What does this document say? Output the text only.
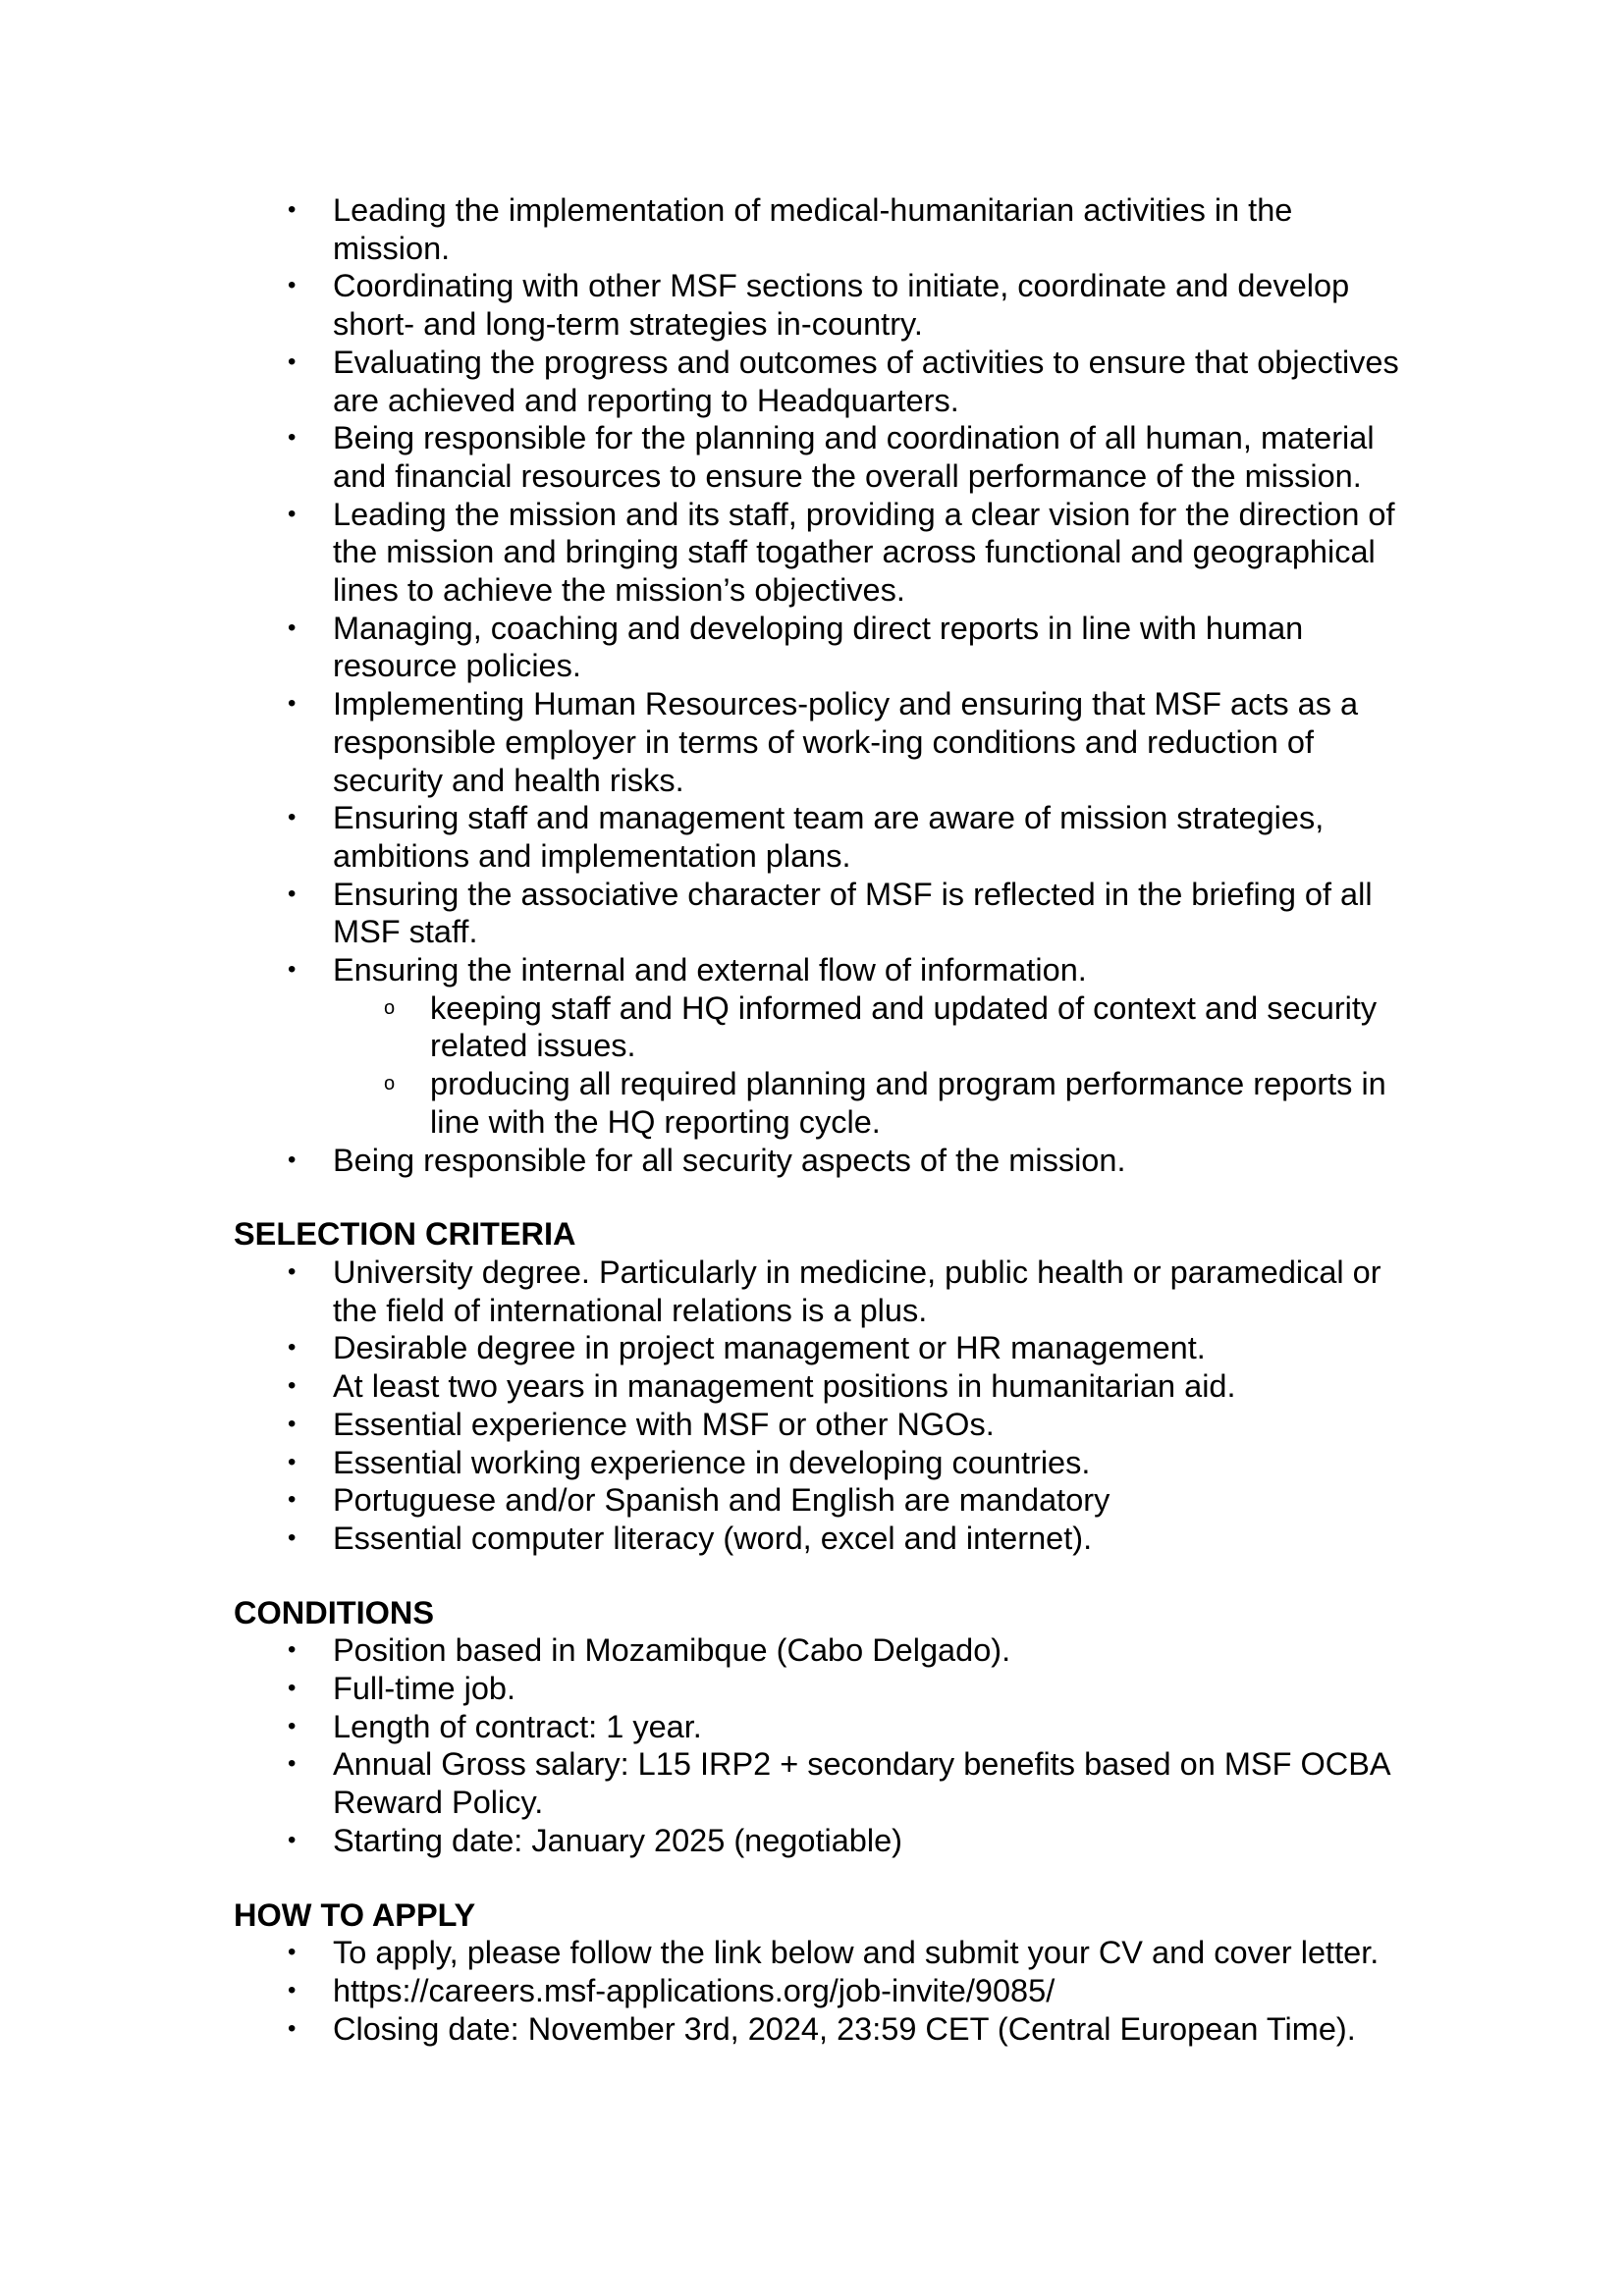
• Leading the implementation of medical-humanitarian activities in the mission.
• Coordinating with other MSF sections to initiate, coordinate and develop short- and long-term strategies in-country.
• Evaluating the progress and outcomes of activities to ensure that objectives are achieved and reporting to Headquarters.
• Being responsible for the planning and coordination of all human, material and financial resources to ensure the overall performance of the mission.
• Leading the mission and its staff, providing a clear vision for the direction of the mission and bringing staff togather across functional and geographical lines to achieve the mission’s objectives.
• Managing, coaching and developing direct reports in line with human resource policies.
• Implementing Human Resources-policy and ensuring that MSF acts as a responsible employer in terms of work-ing conditions and reduction of security and health risks.
• Ensuring staff and management team are aware of mission strategies, ambitions and implementation plans.
• Ensuring the associative character of MSF is reflected in the briefing of all MSF staff.
• Ensuring the internal and external flow of information.
o keeping staff and HQ informed and updated of context and security related issues.
o producing all required planning and program performance reports in line with the HQ reporting cycle.
• Being responsible for all security aspects of the mission.
SELECTION CRITERIA
• University degree. Particularly in medicine, public health or paramedical or the field of international relations is a plus.
• Desirable degree in project management or HR management.
• At least two years in management positions in humanitarian aid.
• Essential experience with MSF or other NGOs.
• Essential working experience in developing countries.
• Portuguese and/or Spanish and English are mandatory
• Essential computer literacy (word, excel and internet).
CONDITIONS
• Position based in Mozamibque (Cabo Delgado).
• Full-time job.
• Length of contract: 1 year.
• Annual Gross salary: L15 IRP2 + secondary benefits based on MSF OCBA Reward Policy.
• Starting date: January 2025 (negotiable)
HOW TO APPLY
• To apply, please follow the link below and submit your CV and cover letter.
• https://careers.msf-applications.org/job-invite/9085/
• Closing date: November 3rd, 2024, 23:59 CET (Central European Time).
